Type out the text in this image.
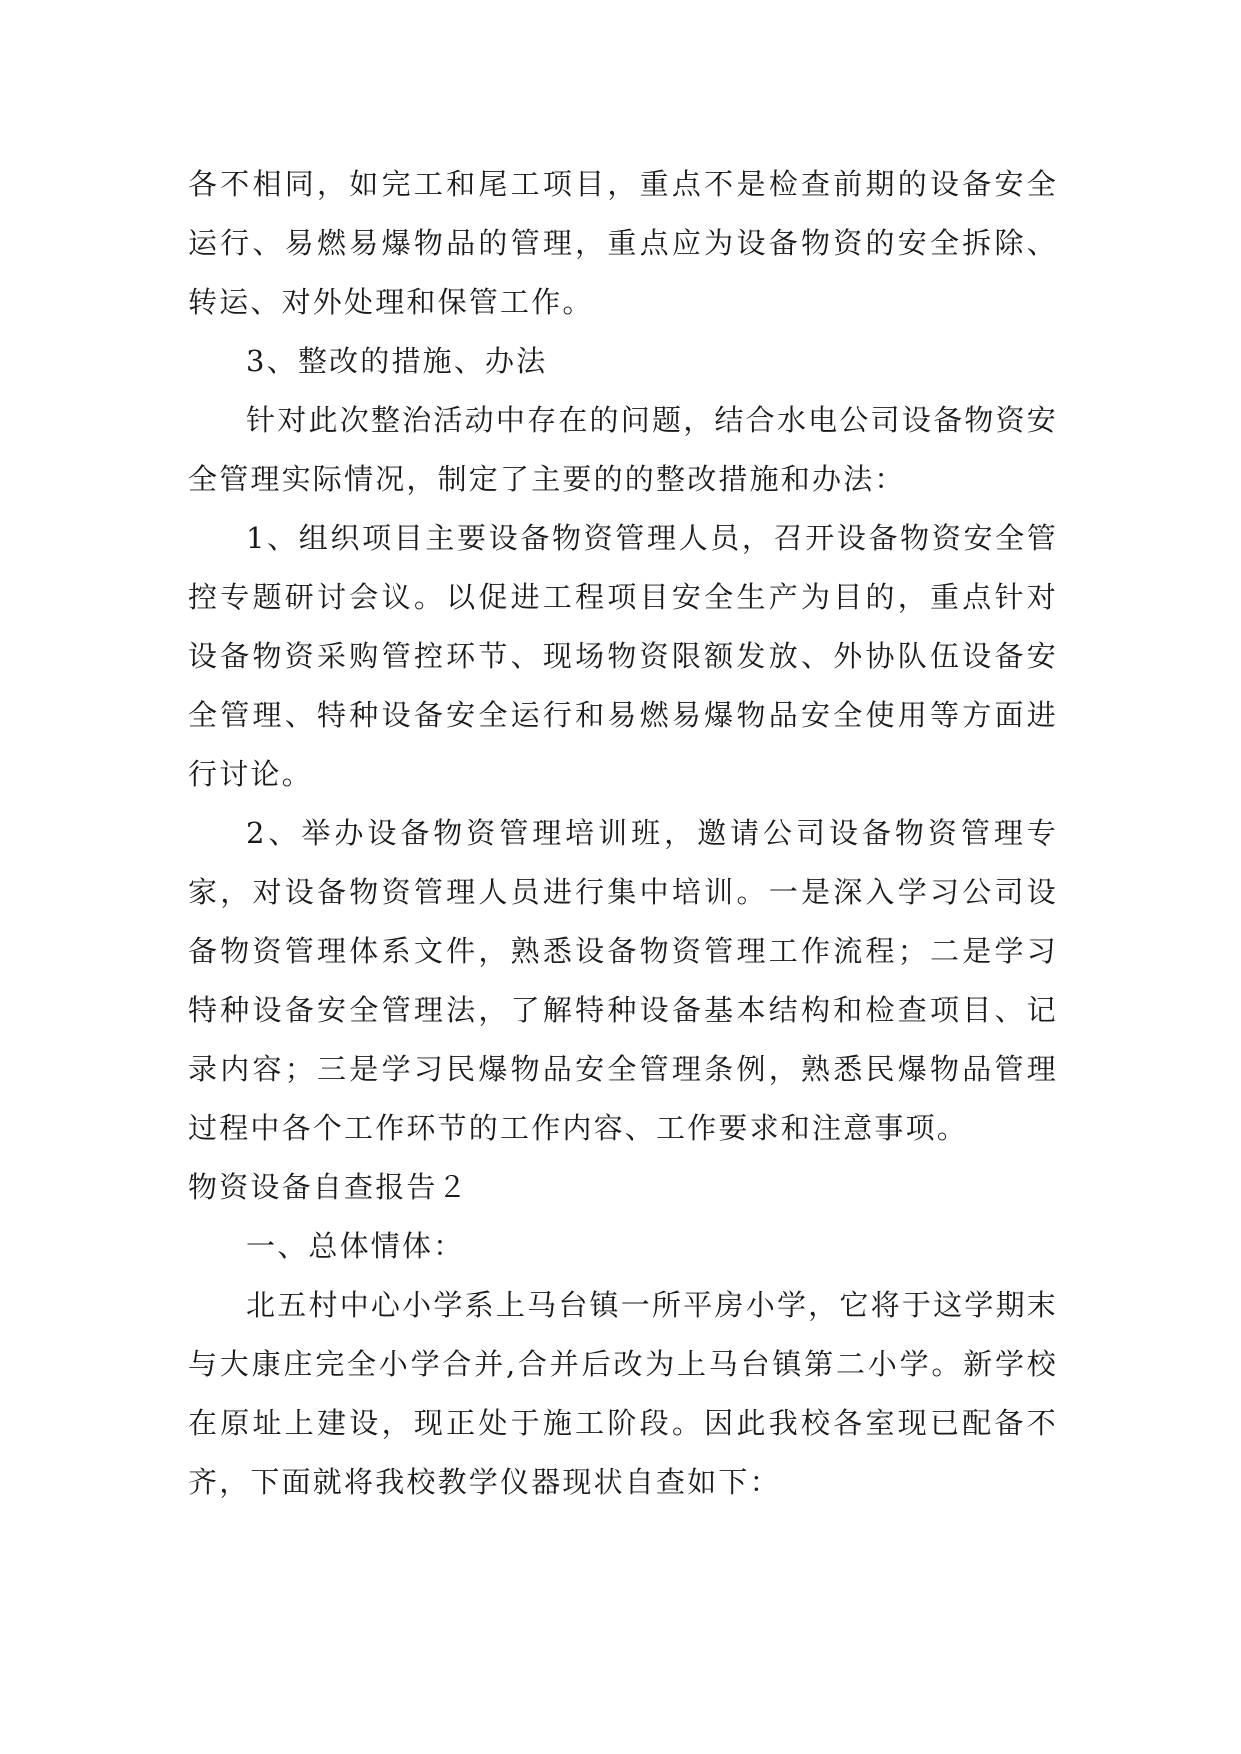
各不相同，如完工和尾工项目，重点不是检查前期的设备安全运行、易燃易爆物品的管理，重点应为设备物资的安全拆除、转运、对外处理和保管工作。

3、整改的措施、办法

针对此次整治活动中存在的问题，结合水电公司设备物资安全管理实际情况，制定了主要的的整改措施和办法：

1、组织项目主要设备物资管理人员，召开设备物资安全管控专题研讨会议。以促进工程项目安全生产为目的，重点针对设备物资采购管控环节、现场物资限额发放、外协队伍设备安全管理、特种设备安全运行和易燃易爆物品安全使用等方面进行讨论。

2、举办设备物资管理培训班，邀请公司设备物资管理专家，对设备物资管理人员进行集中培训。一是深入学习公司设备物资管理体系文件，熟悉设备物资管理工作流程；二是学习特种设备安全管理法，了解特种设备基本结构和检查项目、记录内容；三是学习民爆物品安全管理条例，熟悉民爆物品管理过程中各个工作环节的工作内容、工作要求和注意事项。

物资设备自查报告２

一、总体情体：

北五村中心小学系上马台镇一所平房小学，它将于这学期末与大康庄完全小学合并,合并后改为上马台镇第二小学。新学校在原址上建设，现正处于施工阶段。因此我校各室现已配备不齐，下面就将我校教学仪器现状自查如下：
